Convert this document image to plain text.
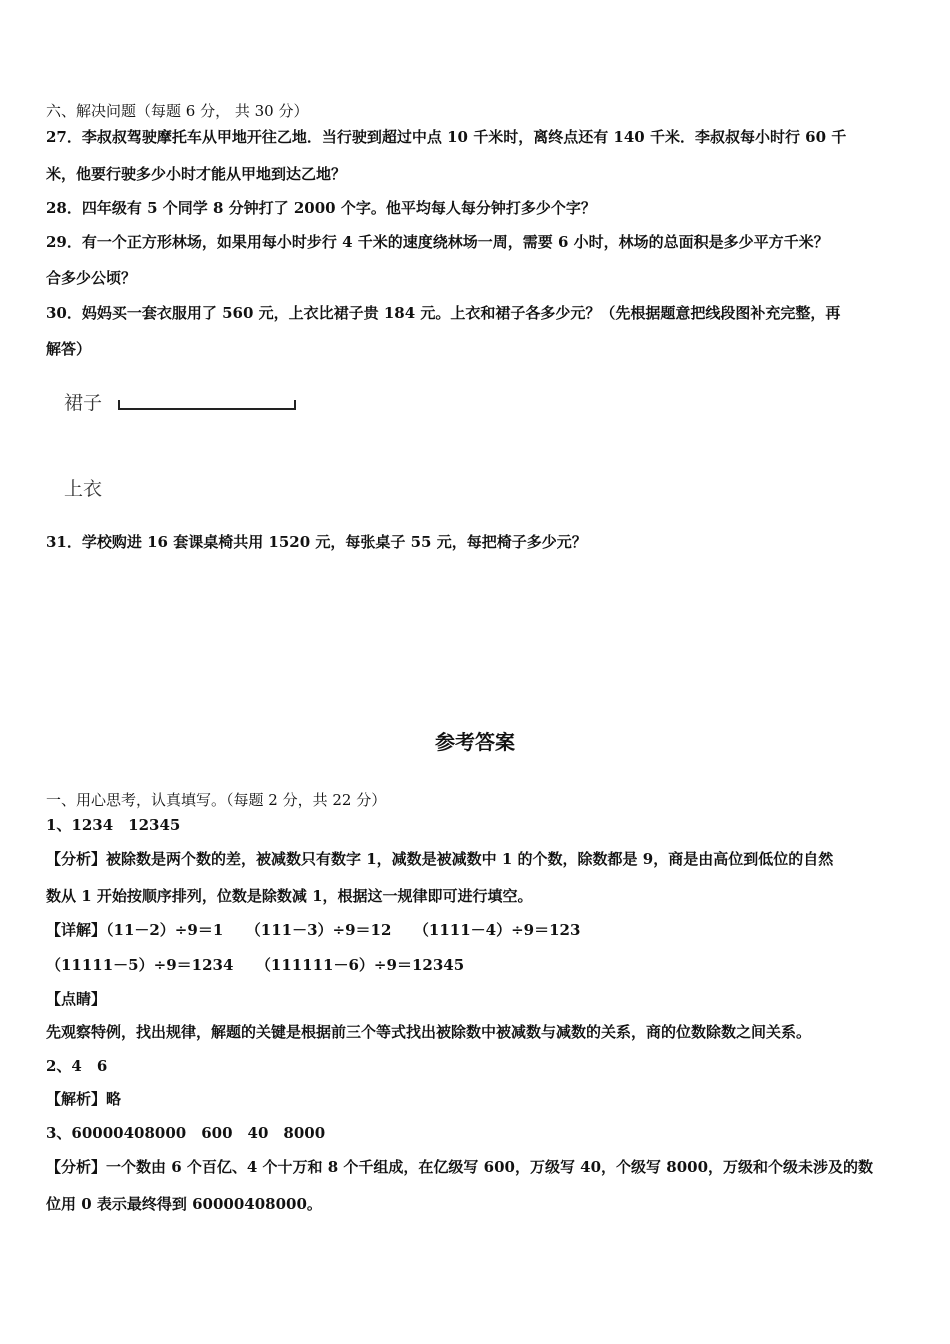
六、解决问题（每题 6 分， 共 30 分）
27．李叔叔驾驶摩托车从甲地开往乙地．当行驶到超过中点 10 千米时，离终点还有 140 千米．李叔叔每小时行 60 千
米，他要行驶多少小时才能从甲地到达乙地？
28．四年级有 5 个同学 8 分钟打了 2000 个字。他平均每人每分钟打多少个字？
29．有一个正方形林场，如果用每小时步行 4 千米的速度绕林场一周，需要 6 小时，林场的总面积是多少平方千米？
合多少公顷？
30．妈妈买一套衣服用了 560 元，上衣比裙子贵 184 元。上衣和裙子各多少元？（先根据题意把线段图补充完整，再
解答）
裙子
上衣
31．学校购进 16 套课桌椅共用 1520 元，每张桌子 55 元，每把椅子多少元？
参考答案
一、用心思考，认真填写。（每题 2 分，共 22 分）
1、1234　12345
【分析】被除数是两个数的差，被减数只有数字 1，减数是被减数中 1 的个数，除数都是 9，商是由高位到低位的自然
数从 1 开始按顺序排列，位数是除数减 1，根据这一规律即可进行填空。
【详解】（11－2）÷9＝1　　（111－3）÷9＝12　　（1111－4）÷9＝123
（11111－5）÷9＝1234　　（111111－6）÷9＝12345
【点睛】
先观察特例，找出规律，解题的关键是根据前三个等式找出被除数中被减数与减数的关系，商的位数除数之间关系。
2、4　6
【解析】略
3、60000408000　600　40　8000
【分析】一个数由 6 个百亿、4 个十万和 8 个千组成，在亿级写 600，万级写 40，个级写 8000，万级和个级未涉及的数
位用 0 表示最终得到 60000408000。
